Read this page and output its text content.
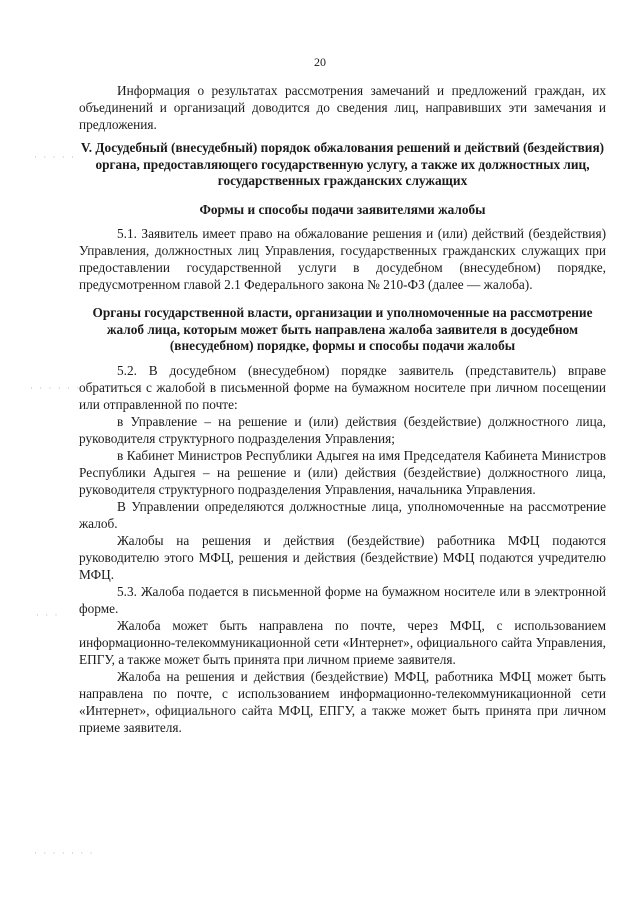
20
· · · · ·
· · · · · ·
· · ·
· · · · · · ·

Информация о результатах рассмотрения замечаний и предложений граждан, их объединений и организаций доводится до сведения лиц, направивших эти замечания и предложения.

V. Досудебный (внесудебный) порядок обжалования решений и действий (бездействия) органа, предоставляющего государственную услугу, а также их должностных лиц, государственных гражданских служащих
Формы и способы подачи заявителями жалобы

5.1. Заявитель имеет право на обжалование решения и (или) действий (бездействия) Управления, должностных лиц Управления, государственных гражданских служащих при предоставлении государственной услуги в досудебном (внесудебном) порядке, предусмотренном главой 2.1 Федерального закона № 210-ФЗ (далее — жалоба).

Органы государственной власти, организации и уполномоченные на рассмотрение жалоб лица, которым может быть направлена жалоба заявителя в досудебном (внесудебном) порядке, формы и способы подачи жалобы

5.2. В досудебном (внесудебном) порядке заявитель (представитель) вправе обратиться с жалобой в письменной форме на бумажном носителе при личном посещении или отправленной по почте:

в Управление – на решение и (или) действия (бездействие) должностного лица, руководителя структурного подразделения Управления;

в Кабинет Министров Республики Адыгея на имя Председателя Кабинета Министров Республики Адыгея – на решение и (или) действия (бездействие) должностного лица, руководителя структурного подразделения Управления, начальника Управления.

В Управлении определяются должностные лица, уполномоченные на рассмотрение жалоб.

Жалобы на решения и действия (бездействие) работника МФЦ подаются руководителю этого МФЦ, решения и действия (бездействие) МФЦ подаются учредителю МФЦ.

5.3. Жалоба подается в письменной форме на бумажном носителе или в электронной форме.

Жалоба может быть направлена по почте, через МФЦ, с использованием информационно-телекоммуникационной сети «Интернет», официального сайта Управления, ЕПГУ, а также может быть принята при личном приеме заявителя.

Жалоба на решения и действия (бездействие) МФЦ, работника МФЦ может быть направлена по почте, с использованием информационно-телекоммуникационной сети «Интернет», официального сайта МФЦ, ЕПГУ, а также может быть принята при личном приеме заявителя.
